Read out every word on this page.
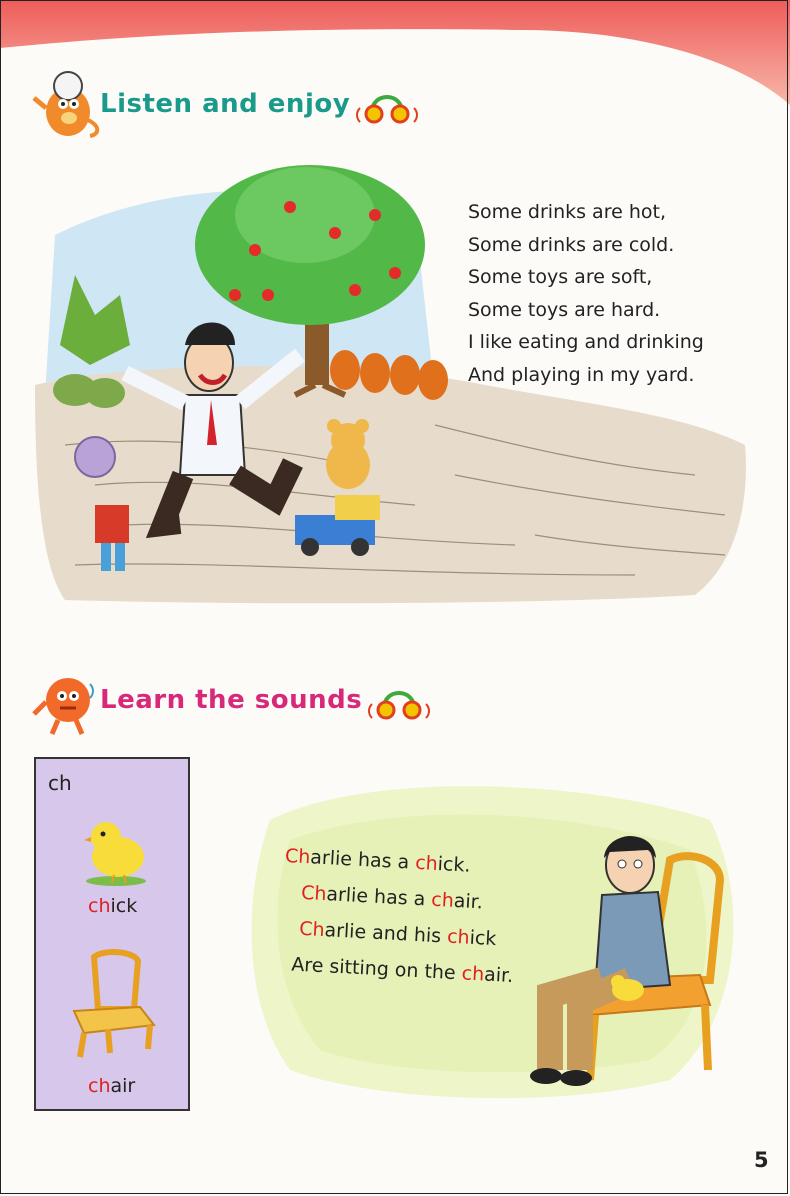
Listen and enjoy
Some drinks are hot,
Some drinks are cold.
Some toys are soft,
Some toys are hard.
I like eating and drinking
And playing in my yard.
Learn the sounds
ch
chick
chair
Charlie has a chick.
Charlie has a chair.
Charlie and his chick
Are sitting on the chair.
5
